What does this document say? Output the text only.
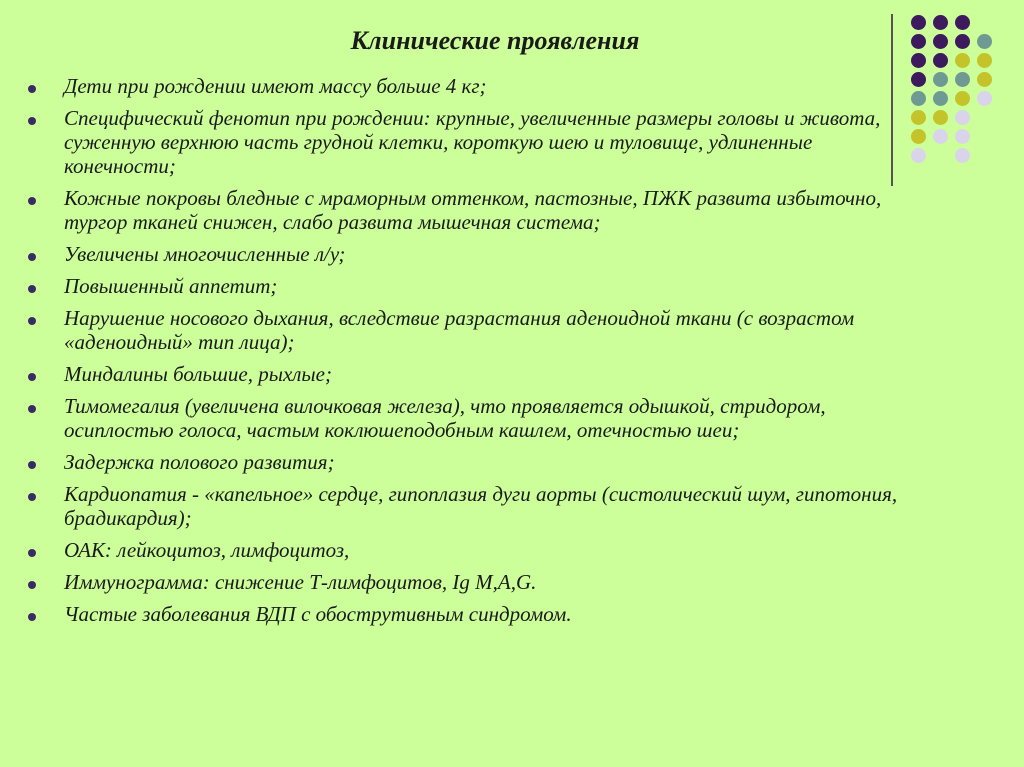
Клинические проявления
Дети при рождении имеют массу больше 4 кг;
Специфический фенотип при рождении: крупные, увеличенные размеры головы и живота, суженную верхнюю часть грудной клетки, короткую шею и туловище, удлиненные конечности;
Кожные покровы бледные с мраморным оттенком, пастозные, ПЖК развита избыточно, тургор тканей снижен, слабо развита мышечная система;
Увеличены многочисленные л/у;
Повышенный аппетит;
Нарушение носового дыхания, вследствие разрастания аденоидной ткани (с возрастом «аденоидный» тип лица);
Миндалины большие, рыхлые;
Тимомегалия (увеличена вилочковая железа), что проявляется одышкой, стридором, осиплостью голоса, частым коклюшеподобным кашлем, отечностью шеи;
Задержка полового развития;
Кардиопатия - «капельное» сердце, гипоплазия дуги аорты (систолический шум, гипотония, брадикардия);
ОАК: лейкоцитоз, лимфоцитоз,
Иммунограмма: снижение Т-лимфоцитов, Ig M,A,G.
Частые заболевания ВДП с обострутивным синдромом.
